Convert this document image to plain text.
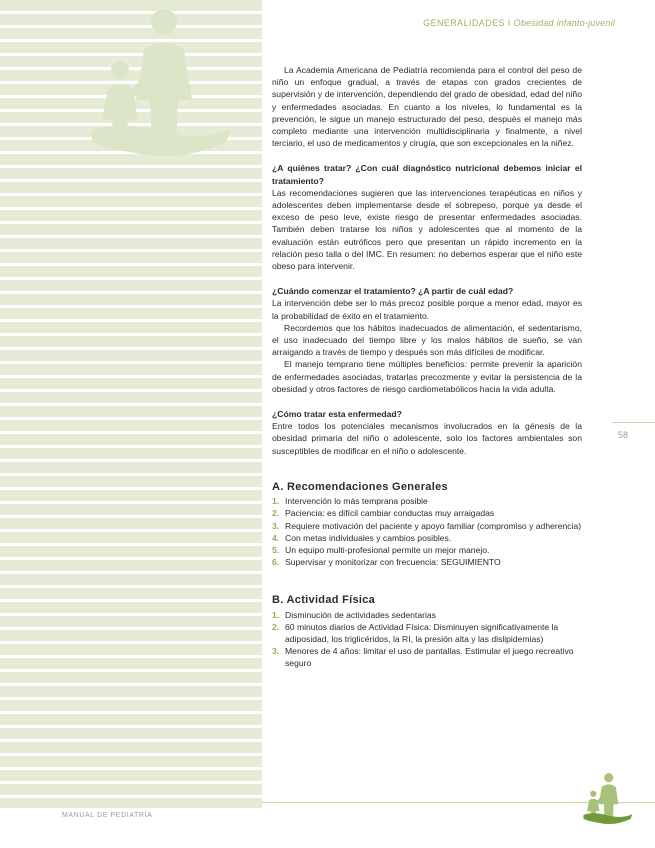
GENERALIDADES I Obesidad infanto-juvenil
58

La Academia Americana de Pediatría recomienda para el control del peso de niño un enfoque gradual, a través de etapas con grados crecientes de supervisión y de intervención, dependiendo del grado de obesidad, edad del niño y enfermedades asociadas. En cuanto a los niveles, lo fundamental es la prevención, le sigue un manejo estructurado del peso, después el manejo más completo mediante una intervención multidisciplinaria y finalmente, a nivel terciario, el uso de medicamentos y cirugía, que son excepcionales en la niñez.

¿A quiénes tratar? ¿Con cuál diagnóstico nutricional debemos iniciar el tratamiento?

Las recomendaciones sugieren que las intervenciones terapéuticas en niños y adolescentes deben implementarse desde el sobrepeso, porque ya desde el exceso de peso leve, existe riesgo de presentar enfermedades asociadas. También deben tratarse los niños y adolescentes que al momento de la evaluación están eutróficos pero que presentan un rápido incremento en la relación peso talla o del IMC. En resumen: no debemos esperar que el niño este obeso para intervenir.

¿Cuándo comenzar el tratamiento? ¿A partir de cuál edad?

La intervención debe ser lo más precoz posible porque a menor edad, mayor es la probabilidad de éxito en el tratamiento.

Recordemos que los hábitos inadecuados de alimentación, el sedentarismo, el uso inadecuado del tiempo libre y los malos hábitos de sueño, se van arraigando a través de tiempo y después son más difíciles de modificar.

El manejo temprano tiene múltiples beneficios: permite prevenir la aparición de enfermedades asociadas, tratarlas precozmente y evitar la persistencia de la obesidad y otros factores de riesgo cardiometabólicos hacia la vida adulta.

¿Cómo tratar esta enfermedad?

Entre todos los potenciales mecanismos involucrados en la génesis de la obesidad primaria del niño o adolescente, solo los factores ambientales son susceptibles de modificar en el niño o adolescente.

A. Recomendaciones Generales
1. Intervención lo más temprana posible
2. Paciencia: es difícil cambiar conductas muy arraigadas
3. Requiere motivación del paciente y apoyo familiar (compromiso y adherencia)
4. Con metas individuales y cambios posibles.
5. Un equipo multi-profesional permite un mejor manejo.
6. Supervisar y monitorizar con frecuencia: SEGUIMIENTO
B. Actividad Física
1. Disminución de actividades sedentarias
2. 60 minutos diarios de Actividad Física: Disminuyen significativamente la adiposidad, los triglicéridos, la RI, la presión alta y las dislipidemias)
3. Menores de 4 años: limitar el uso de pantallas. Estimular el juego recreativo seguro
MANUAL DE PEDIATRÍA
